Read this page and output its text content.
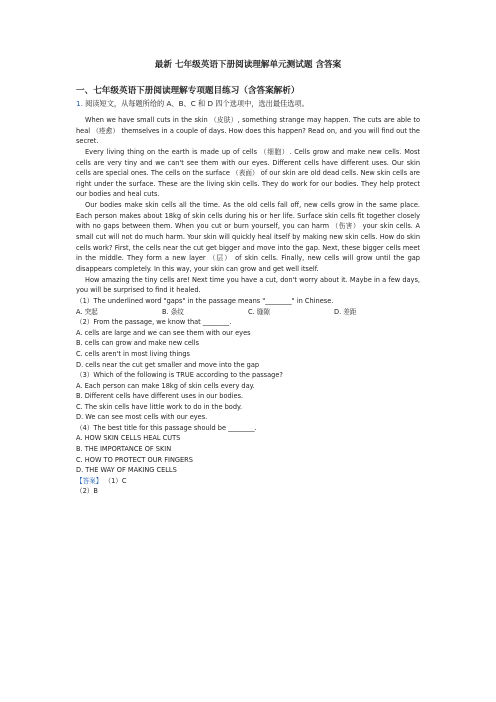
最新 七年级英语下册阅读理解单元测试题 含答案
一、七年级英语下册阅读理解专项题目练习（含答案解析）
1. 阅读短文，从每题所给的 A、B、C 和 D 四个选项中，选出最佳选项。

When we have small cuts in the skin （皮肤）, something strange may happen. The cuts are able to heal （痊愈） themselves in a couple of days. How does this happen? Read on, and you will find out the secret.

Every living thing on the earth is made up of cells （细胞）. Cells grow and make new cells. Most cells are very tiny and we can't see them with our eyes. Different cells have different uses. Our skin cells are special ones. The cells on the surface （表面） of our skin are old dead cells. New skin cells are right under the surface. These are the living skin cells. They do work for our bodies. They help protect our bodies and heal cuts.

Our bodies make skin cells all the time. As the old cells fall off, new cells grow in the same place. Each person makes about 18kg of skin cells during his or her life. Surface skin cells fit together closely with no gaps between them. When you cut or burn yourself, you can harm （伤害） your skin cells. A small cut will not do much harm. Your skin will quickly heal itself by making new skin cells. How do skin cells work? First, the cells near the cut get bigger and move into the gap. Next, these bigger cells meet in the middle. They form a new layer （层） of skin cells. Finally, new cells will grow until the gap disappears completely. In this way, your skin can grow and get well itself.

How amazing the tiny cells are! Next time you have a cut, don't worry about it. Maybe in a few days, you will be surprised to find it healed.

（1）The underlined word "gaps" in the passage means "________" in Chinese.
A. 突起	B. 条纹	C. 缝隙	D. 差距
（2）From the passage, we know that ________.
A. cells are large and we can see them with our eyes
B. cells can grow and make new cells
C. cells aren't in most living things
D. cells near the cut get smaller and move into the gap
（3）Which of the following is TRUE according to the passage?
A. Each person can make 18kg of skin cells every day.
B. Different cells have different uses in our bodies.
C. The skin cells have little work to do in the body.
D. We can see most cells with our eyes.
（4）The best title for this passage should be ________.
A. HOW SKIN CELLS HEAL CUTS
B. THE IMPORTANCE OF SKIN
C. HOW TO PROTECT OUR FINGERS
D. THE WAY OF MAKING CELLS
【答案】 （1）C
（2）B
